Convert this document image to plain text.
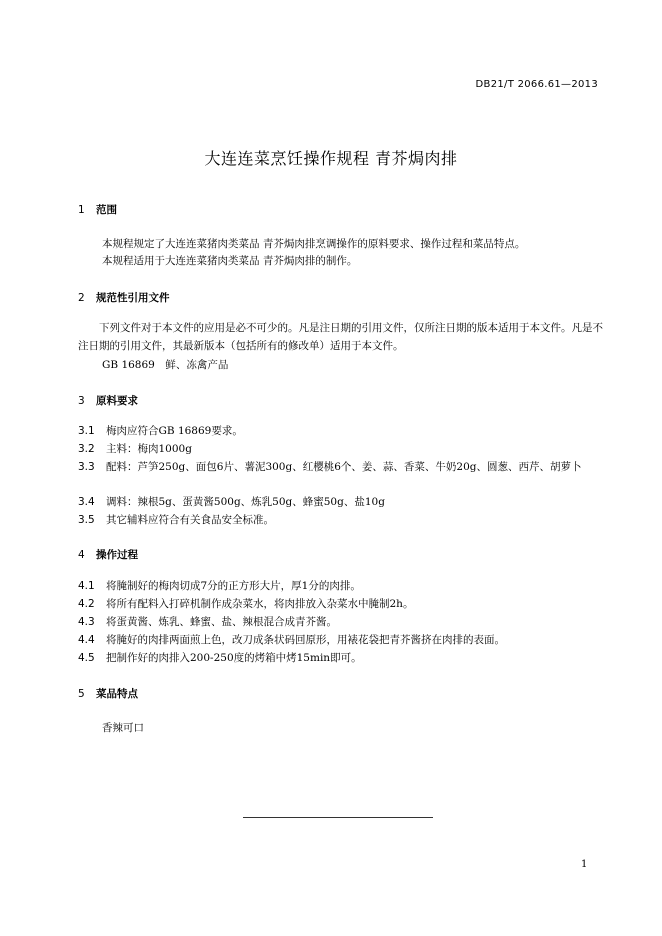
DB21/T 2066.61—2013
大连连菜烹饪操作规程 青芥焗肉排
1 范围
本规程规定了大连连菜猪肉类菜品 青芥焗肉排烹调操作的原料要求、操作过程和菜品特点。
本规程适用于大连连菜猪肉类菜品 青芥焗肉排的制作。
2 规范性引用文件
下列文件对于本文件的应用是必不可少的。凡是注日期的引用文件，仅所注日期的版本适用于本文件。凡是不注日期的引用文件，其最新版本（包括所有的修改单）适用于本文件。
GB 16869　鲜、冻禽产品
3 原料要求
3.1 梅肉应符合GB 16869要求。
3.2 主料：梅肉1000g
3.3 配料：芦笋250g、面包6片、薯泥300g、红樱桃6个、姜、蒜、香菜、牛奶20g、圆葱、西芹、胡萝卜
3.4 调料：辣根5g、蛋黄酱500g、炼乳50g、蜂蜜50g、盐10g
3.5 其它辅料应符合有关食品安全标准。
4 操作过程
4.1 将腌制好的梅肉切成7分的正方形大片，厚1分的肉排。
4.2 将所有配料入打碎机制作成杂菜水，将肉排放入杂菜水中腌制2h。
4.3 将蛋黄酱、炼乳、蜂蜜、盐、辣根混合成青芥酱。
4.4 将腌好的肉排两面煎上色，改刀成条状码回原形，用裱花袋把青芥酱挤在肉排的表面。
4.5 把制作好的肉排入200-250度的烤箱中烤15min即可。
5 菜品特点
香辣可口
1
